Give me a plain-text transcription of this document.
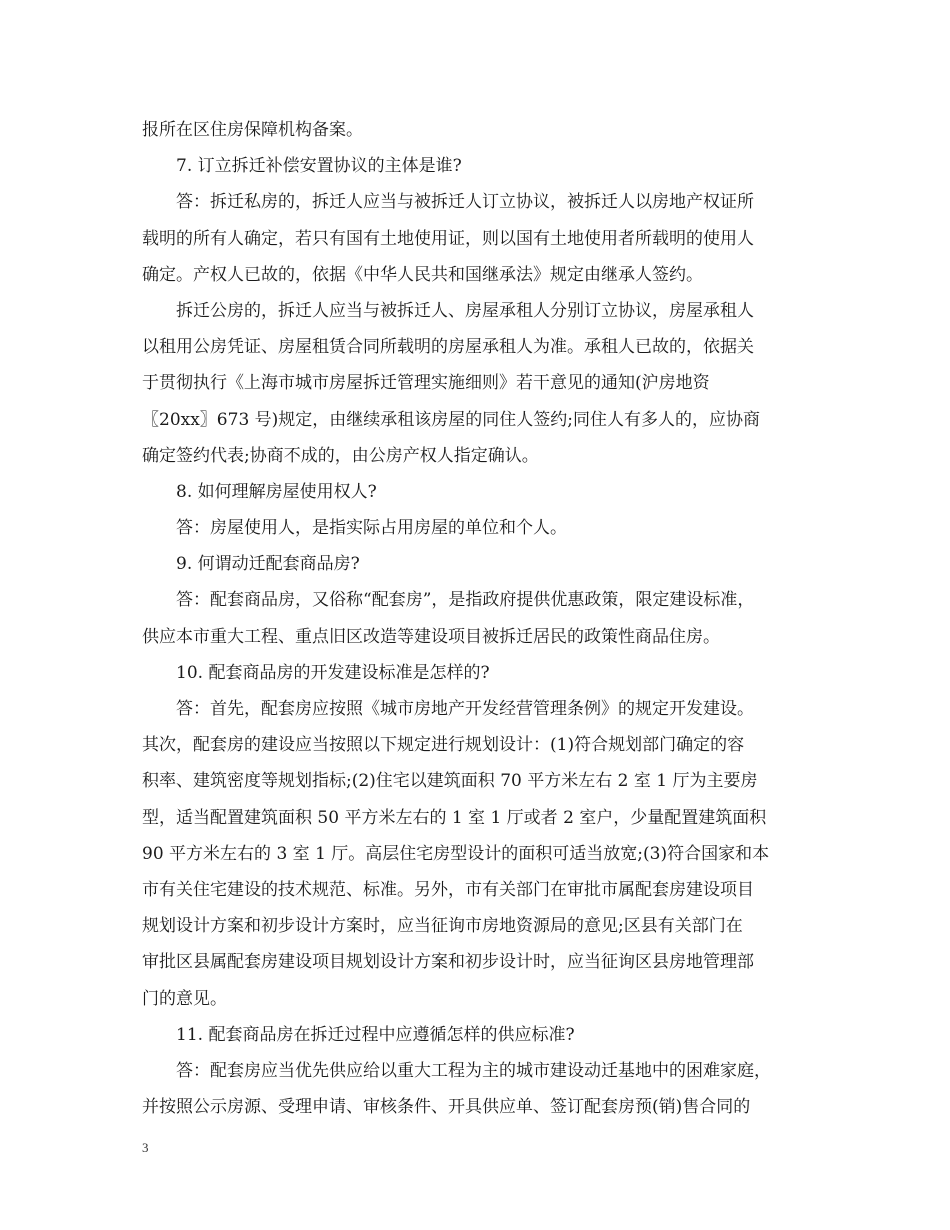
报所在区住房保障机构备案。
7. 订立拆迁补偿安置协议的主体是谁?
答：拆迁私房的，拆迁人应当与被拆迁人订立协议，被拆迁人以房地产权证所
载明的所有人确定，若只有国有土地使用证，则以国有土地使用者所载明的使用人
确定。产权人已故的，依据《中华人民共和国继承法》规定由继承人签约。
拆迁公房的，拆迁人应当与被拆迁人、房屋承租人分别订立协议，房屋承租人
以租用公房凭证、房屋租赁合同所载明的房屋承租人为准。承租人已故的，依据关
于贯彻执行《上海市城市房屋拆迁管理实施细则》若干意见的通知(沪房地资
〖20xx〗673 号)规定，由继续承租该房屋的同住人签约;同住人有多人的，应协商
确定签约代表;协商不成的，由公房产权人指定确认。
8. 如何理解房屋使用权人?
答：房屋使用人，是指实际占用房屋的单位和个人。
9. 何谓动迁配套商品房?
答：配套商品房，又俗称“配套房”，是指政府提供优惠政策，限定建设标准，
供应本市重大工程、重点旧区改造等建设项目被拆迁居民的政策性商品住房。
10. 配套商品房的开发建设标准是怎样的?
答：首先，配套房应按照《城市房地产开发经营管理条例》的规定开发建设。
其次，配套房的建设应当按照以下规定进行规划设计：(1)符合规划部门确定的容
积率、建筑密度等规划指标;(2)住宅以建筑面积 70 平方米左右 2 室 1 厅为主要房
型，适当配置建筑面积 50 平方米左右的 1 室 1 厅或者 2 室户，少量配置建筑面积
90 平方米左右的 3 室 1 厅。高层住宅房型设计的面积可适当放宽;(3)符合国家和本
市有关住宅建设的技术规范、标准。另外，市有关部门在审批市属配套房建设项目
规划设计方案和初步设计方案时，应当征询市房地资源局的意见;区县有关部门在
审批区县属配套房建设项目规划设计方案和初步设计时，应当征询区县房地管理部
门的意见。
11. 配套商品房在拆迁过程中应遵循怎样的供应标准?
答：配套房应当优先供应给以重大工程为主的城市建设动迁基地中的困难家庭，
并按照公示房源、受理申请、审核条件、开具供应单、签订配套房预(销)售合同的
3
